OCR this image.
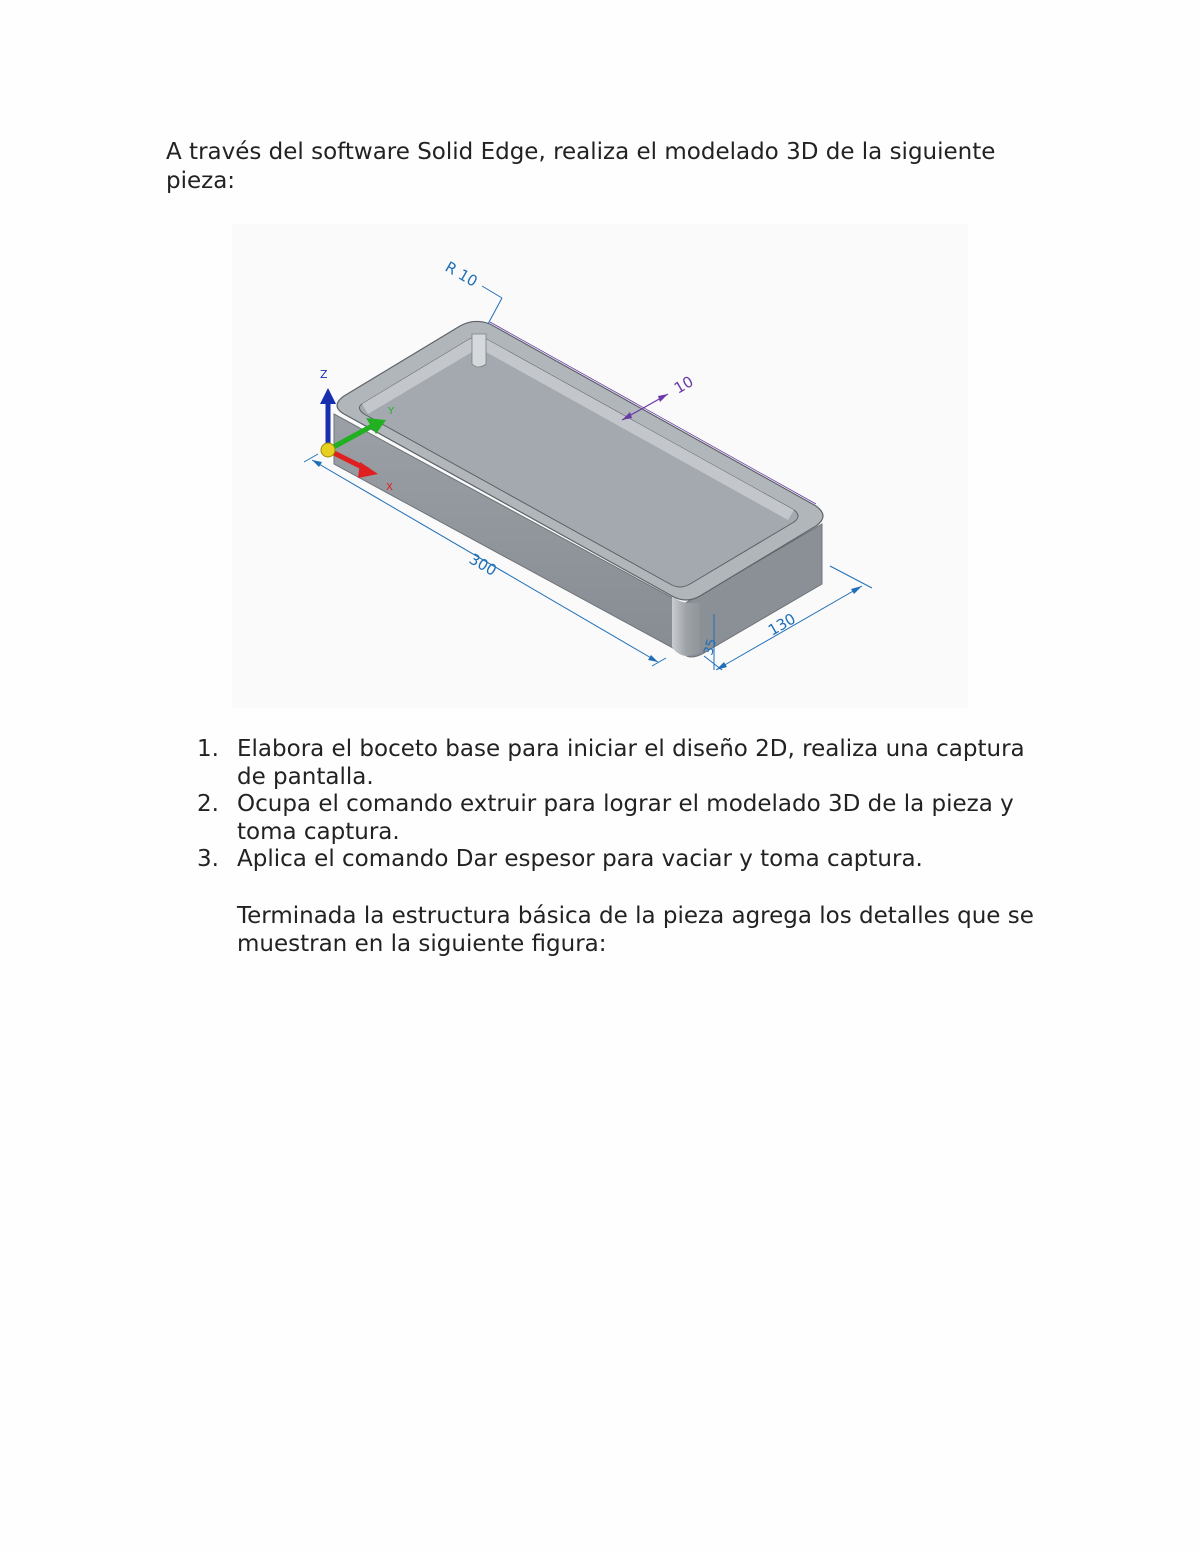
A través del software Solid Edge, realiza el modelado 3D de la siguiente pieza:

R 10
10
300
130
35
Z
Y
X
1. Elabora el boceto base para iniciar el diseño 2D, realiza una captura de pantalla.
2. Ocupa el comando extruir para lograr el modelado 3D de la pieza y toma captura.
3. Aplica el comando Dar espesor para vaciar y toma captura.

Terminada la estructura básica de la pieza agrega los detalles que se muestran en la siguiente figura:
